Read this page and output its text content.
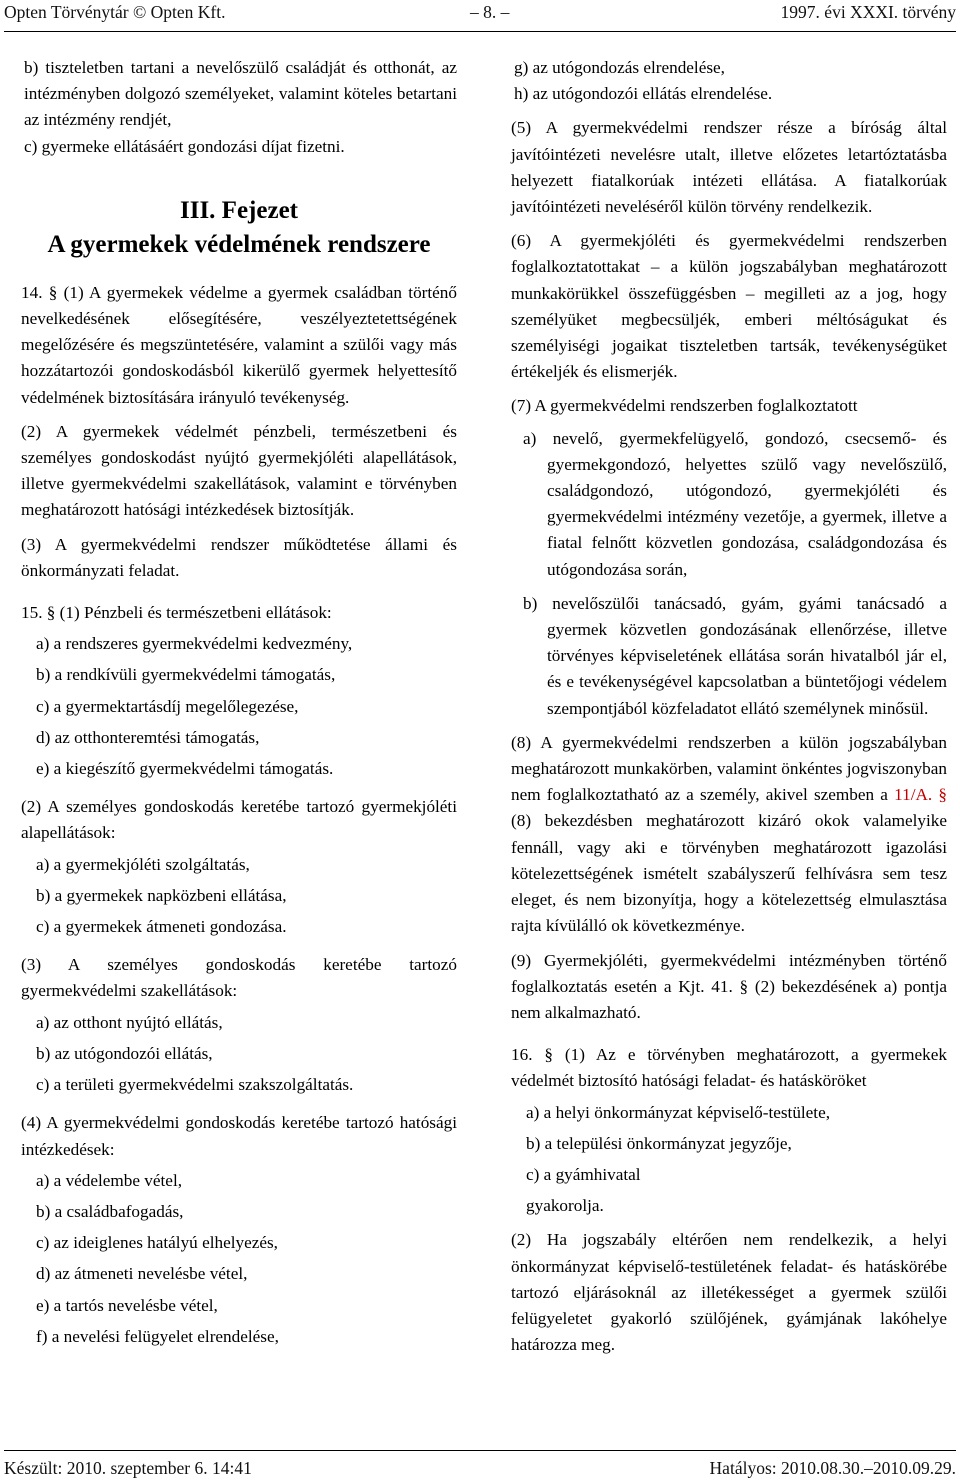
Opten Törvénytár © Opten Kft.	– 8. –	1997. évi XXXI. törvény

b) tiszteletben tartani a nevelőszülő családját és otthonát, az intézményben dolgozó személyeket, valamint köteles betartani az intézmény rendjét,

c) gyermeke ellátásáért gondozási díjat fizetni.

III. Fejezet
A gyermekek védelmének rendszere

14. § (1) A gyermekek védelme a gyermek családban történő nevelkedésének elősegítésére, veszélyeztetettségének megelőzésére és megszüntetésére, valamint a szülői vagy más hozzátartozói gondoskodásból kikerülő gyermek helyettesítő védelmének biztosítására irányuló tevékenység.

(2) A gyermekek védelmét pénzbeli, természetbeni és személyes gondoskodást nyújtó gyermekjóléti alapellátások, illetve gyermekvédelmi szakellátások, valamint e törvényben meghatározott hatósági intézkedések biztosítják.

(3) A gyermekvédelmi rendszer működtetése állami és önkormányzati feladat.

15. § (1) Pénzbeli és természetbeni ellátások:

a) a rendszeres gyermekvédelmi kedvezmény,

b) a rendkívüli gyermekvédelmi támogatás,

c) a gyermektartásdíj megelőlegezése,

d) az otthonteremtési támogatás,

e) a kiegészítő gyermekvédelmi támogatás.

(2) A személyes gondoskodás keretébe tartozó gyermekjóléti alapellátások:

a) a gyermekjóléti szolgáltatás,

b) a gyermekek napközbeni ellátása,

c) a gyermekek átmeneti gondozása.

(3) A személyes gondoskodás keretébe tartozó gyermekvédelmi szakellátások:

a) az otthont nyújtó ellátás,

b) az utógondozói ellátás,

c) a területi gyermekvédelmi szakszolgáltatás.

(4) A gyermekvédelmi gondoskodás keretébe tartozó hatósági intézkedések:

a) a védelembe vétel,

b) a családbafogadás,

c) az ideiglenes hatályú elhelyezés,

d) az átmeneti nevelésbe vétel,

e) a tartós nevelésbe vétel,

f) a nevelési felügyelet elrendelése,

g) az utógondozás elrendelése,

h) az utógondozói ellátás elrendelése.

(5) A gyermekvédelmi rendszer része a bíróság által javítóintézeti nevelésre utalt, illetve előzetes letartóztatásba helyezett fiatalkorúak intézeti ellátása. A fiatalkorúak javítóintézeti neveléséről külön törvény rendelkezik.

(6) A gyermekjóléti és gyermekvédelmi rendszerben foglalkoztatottakat – a külön jogszabályban meghatározott munkakörükkel összefüggésben – megilleti az a jog, hogy személyüket megbecsüljék, emberi méltóságukat és személyiségi jogaikat tiszteletben tartsák, tevékenységüket értékeljék és elismerjék.

(7) A gyermekvédelmi rendszerben foglalkoztatott

a) nevelő, gyermekfelügyelő, gondozó, csecsemő- és gyermekgondozó, helyettes szülő vagy nevelőszülő, családgondozó, utógondozó, gyermekjóléti és gyermekvédelmi intézmény vezetője, a gyermek, illetve a fiatal felnőtt közvetlen gondozása, családgondozása és utógondozása során,

b) nevelőszülői tanácsadó, gyám, gyámi tanácsadó a gyermek közvetlen gondozásának ellenőrzése, illetve törvényes képviseletének ellátása során hivatalból jár el, és e tevékenységével kapcsolatban a büntetőjogi védelem szempontjából közfeladatot ellátó személynek minősül.

(8) A gyermekvédelmi rendszerben a külön jogszabályban meghatározott munkakörben, valamint önkéntes jogviszonyban nem foglalkoztatható az a személy, akivel szemben a 11/A. § (8) bekezdésben meghatározott kizáró okok valamelyike fennáll, vagy aki e törvényben meghatározott igazolási kötelezettségének ismételt szabályszerű felhívásra sem tesz eleget, és nem bizonyítja, hogy a kötelezettség elmulasztása rajta kívülálló ok következménye.

(9) Gyermekjóléti, gyermekvédelmi intézményben történő foglalkoztatás esetén a Kjt. 41. § (2) bekezdésének a) pontja nem alkalmazható.

16. § (1) Az e törvényben meghatározott, a gyermekek védelmét biztosító hatósági feladat- és hatásköröket

a) a helyi önkormányzat képviselő-testülete,

b) a települési önkormányzat jegyzője,

c) a gyámhivatal

gyakorolja.

(2) Ha jogszabály eltérően nem rendelkezik, a helyi önkormányzat képviselő-testületének feladat- és hatáskörébe tartozó eljárásoknál az illetékességet a gyermek szülői felügyeletet gyakorló szülőjének, gyámjának lakóhelye határozza meg.

Készült: 2010. szeptember 6. 14:41	Hatályos: 2010.08.30.–2010.09.29.
